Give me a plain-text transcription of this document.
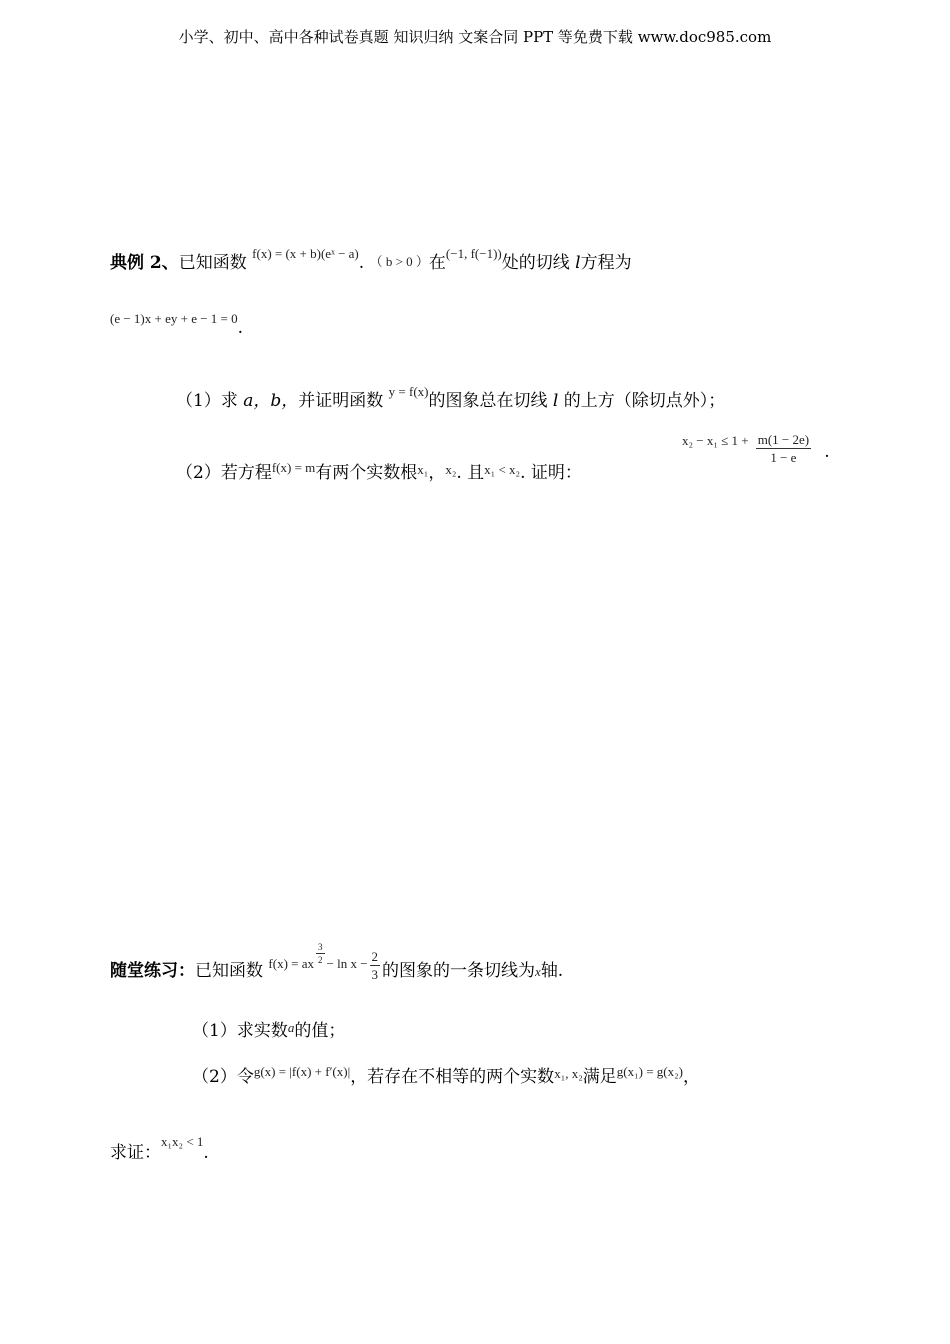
小学、初中、高中各种试卷真题 知识归纳 文案合同 PPT 等免费下载 www.doc985.com
典例 2、已知函数 $^{f(x) = (x + b)(eˣ - a)}$. （ b > 0 ）在$^{(-1, f(-1))}$处的切线 l方程为
$^{(e - 1)x + ey + e - 1 = 0}$.
（1）求 a，b，并证明函数 $^{y = f(x)}$的图象总在切线 l 的上方（除切点外）；
（2）若方程$^{f(x) = m}$有两个实数根$^{x_1}$，$^{x_2}$. 且$^{x_1 < x_2}$. 证明：
$^{x_2 - x_1 \le 1 +} \frac{m(1 - 2e)}{1 - e}$ .
随堂练习：已知函数 $^{f(x) = ax \frac{3}{2} - ln x - \frac{2}{3}}$ 的图象的一条切线为x轴.
（1）求实数$^a$的值；
（2）令$^{g(x) = |f(x) + f'(x)|}$，若存在不相等的两个实数$^{x_1, x_2}$满足$^{g(x_1) = g(x_2)}$，
求证：$^{x_1x_2 < 1}$.
